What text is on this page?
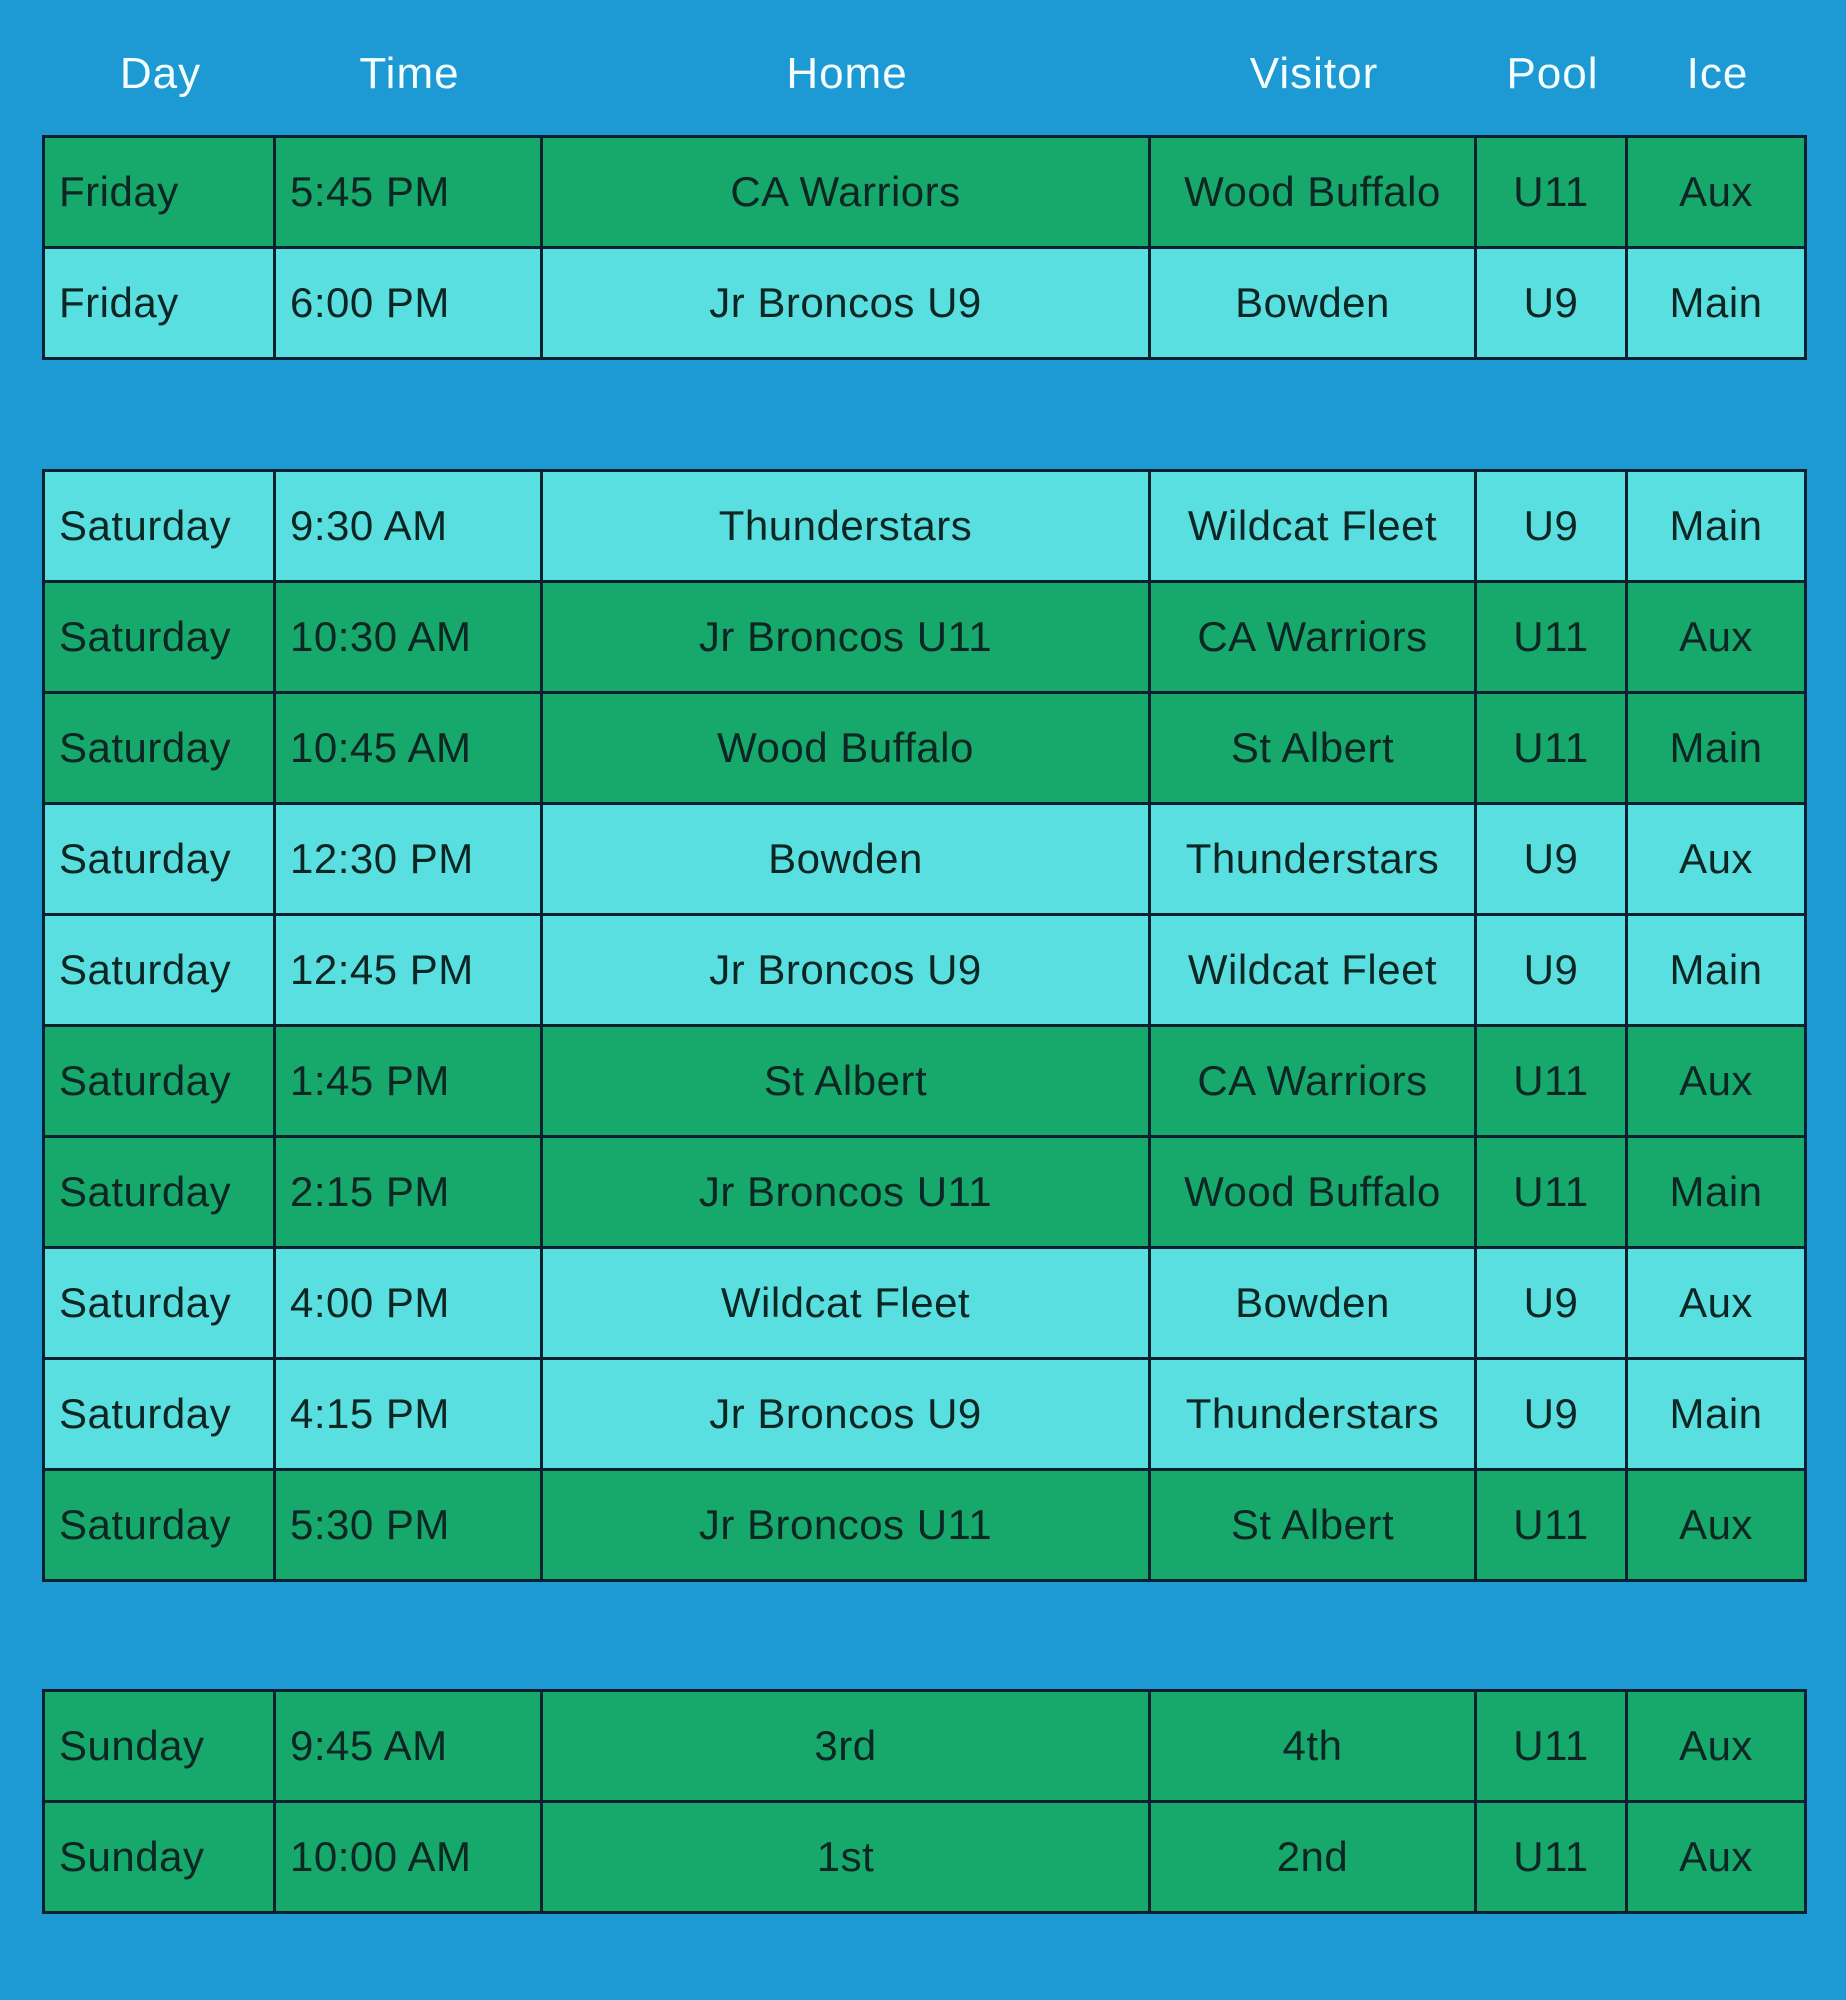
Day	Time	Home	Visitor	Pool	Ice
Friday	5:45 PM	CA Warriors	Wood Buffalo	U11	Aux
Friday	6:00 PM	Jr Broncos U9	Bowden	U9	Main
Saturday	9:30 AM	Thunderstars	Wildcat Fleet	U9	Main
Saturday	10:30 AM	Jr Broncos U11	CA Warriors	U11	Aux
Saturday	10:45 AM	Wood Buffalo	St Albert	U11	Main
Saturday	12:30 PM	Bowden	Thunderstars	U9	Aux
Saturday	12:45 PM	Jr Broncos U9	Wildcat Fleet	U9	Main
Saturday	1:45 PM	St Albert	CA Warriors	U11	Aux
Saturday	2:15 PM	Jr Broncos U11	Wood Buffalo	U11	Main
Saturday	4:00 PM	Wildcat Fleet	Bowden	U9	Aux
Saturday	4:15 PM	Jr Broncos U9	Thunderstars	U9	Main
Saturday	5:30 PM	Jr Broncos U11	St Albert	U11	Aux
Sunday	9:45 AM	3rd	4th	U11	Aux
Sunday	10:00 AM	1st	2nd	U11	Aux
